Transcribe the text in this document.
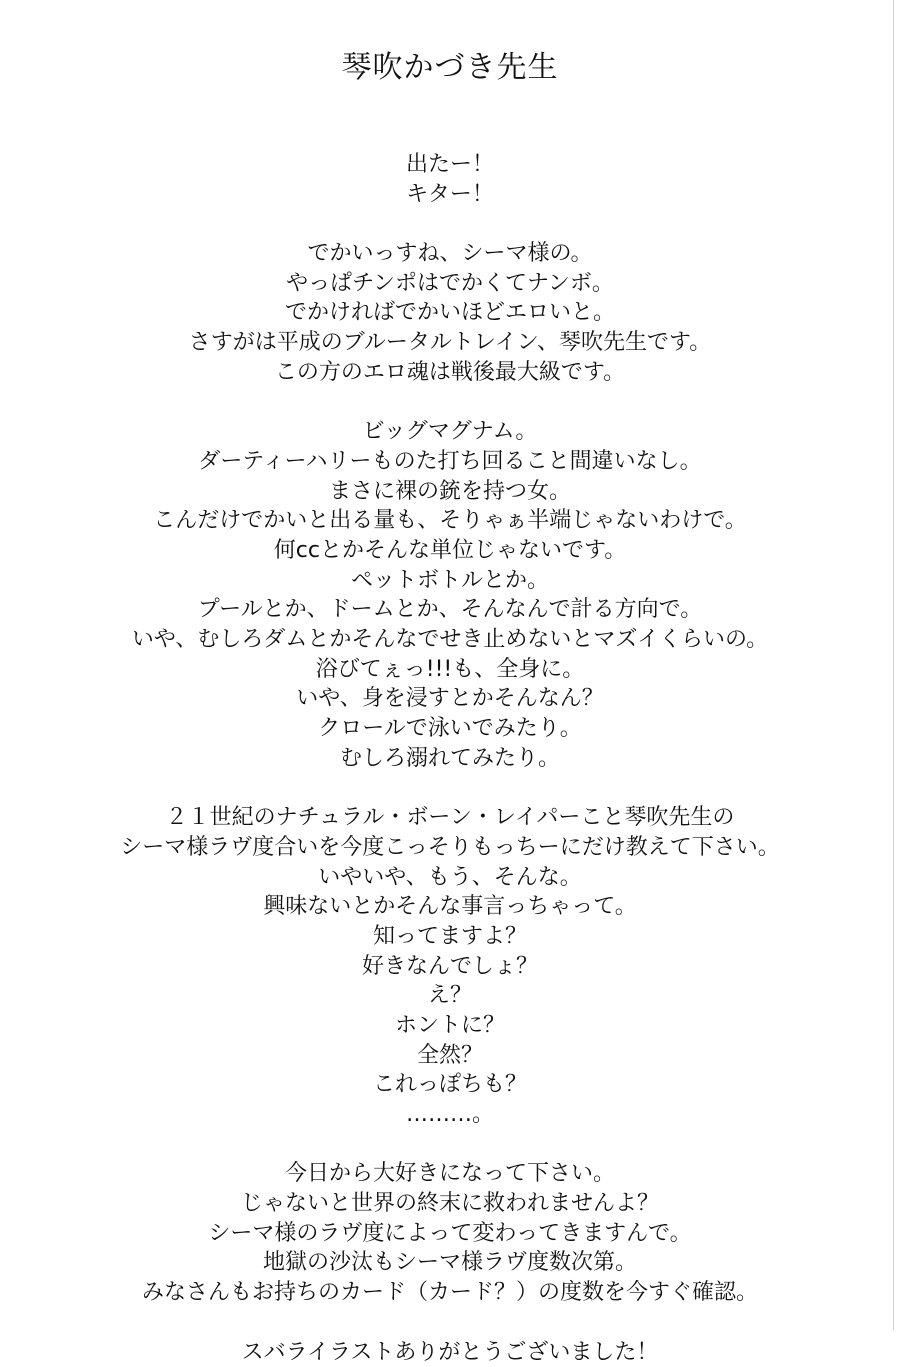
琴吹かづき先生
出たー！
キター！
でかいっすね、シーマ様の。
やっぱチンポはでかくてナンボ。
でかければでかいほどエロいと。
さすがは平成のブルータルトレイン、琴吹先生です。
この方のエロ魂は戦後最大級です。
ビッグマグナム。
ダーティーハリーものた打ち回ること間違いなし。
まさに裸の銃を持つ女。
こんだけでかいと出る量も、そりゃぁ半端じゃないわけで。
何ccとかそんな単位じゃないです。
ペットボトルとか。
プールとか、ドームとか、そんなんで計る方向で。
いや、むしろダムとかそんなでせき止めないとマズイくらいの。
浴びてぇっ!!!も、全身に。
いや、身を浸すとかそんなん？
クロールで泳いでみたり。
むしろ溺れてみたり。
２１世紀のナチュラル・ボーン・レイパーこと琴吹先生の
シーマ様ラヴ度合いを今度こっそりもっちーにだけ教えて下さい。
いやいや、もう、そんな。
興味ないとかそんな事言っちゃって。
知ってますよ？
好きなんでしょ？
え？
ホントに？
全然？
これっぽちも？
………。
今日から大好きになって下さい。
じゃないと世界の終末に救われませんよ？
シーマ様のラヴ度によって変わってきますんで。
地獄の沙汰もシーマ様ラヴ度数次第。
みなさんもお持ちのカード（カード？）の度数を今すぐ確認。
スバライラストありがとうございました！
